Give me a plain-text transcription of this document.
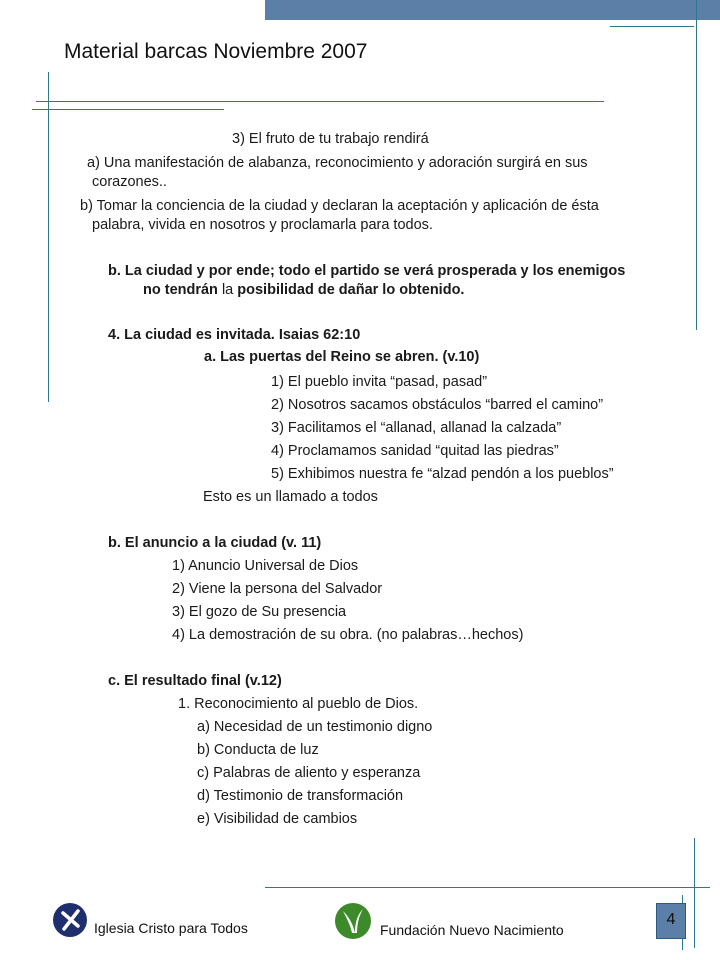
Material barcas Noviembre 2007
3) El fruto de tu trabajo rendirá
a) Una manifestación de alabanza, reconocimiento y adoración surgirá en sus
corazones..
b) Tomar la conciencia de la ciudad y declaran la aceptación y aplicación de ésta
palabra, vivida en nosotros y proclamarla para todos.
b. La ciudad y por ende; todo el partido se verá prosperada y los enemigos
no tendrán la posibilidad de dañar lo obtenido.
4. La ciudad es invitada. Isaias 62:10
a. Las puertas del Reino se abren. (v.10)
1) El pueblo invita “pasad, pasad”
2) Nosotros sacamos obstáculos “barred el camino”
3) Facilitamos el “allanad, allanad la calzada”
4) Proclamamos sanidad “quitad las piedras”
5) Exhibimos nuestra fe “alzad pendón a los pueblos”
Esto es un llamado a todos
b. El anuncio a la ciudad (v. 11)
1) Anuncio Universal de Dios
2) Viene la persona del Salvador
3) El gozo de Su presencia
4) La demostración de su obra. (no palabras…hechos)
c. El resultado final (v.12)
1. Reconocimiento al pueblo de Dios.
a) Necesidad de un testimonio digno
b) Conducta de luz
c) Palabras de aliento y esperanza
d) Testimonio de transformación
e) Visibilidad de cambios
Iglesia Cristo para Todos	Fundación Nuevo Nacimiento
4
